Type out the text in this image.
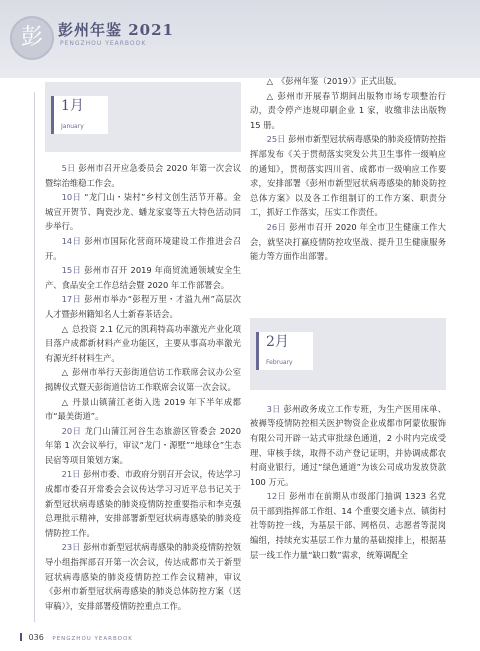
彭	彭州年鉴 2021
PENGZHOU YEARBOOK
1月
January

5日 彭州市召开应急委员会 2020 年第一次会议暨综治维稳工作会。

10日 “龙门山・柒村”乡村文创生活节开幕。金城宣开贺节、陶瓷沙龙、蟠龙家宴等五大特色活动同步举行。

14日 彭州市国际化营商环境建设工作推进会召开。

15日 彭州市召开 2019 年商贸流通领域安全生产、食品安全工作总结会暨 2020 年工作部署会。

17日 彭州市举办“彭程万里・才溢九州”高层次人才暨彭州籍知名人士新春茶话会。

△ 总投资 2.1 亿元的凯莉特高功率激光产业化项目落户成都新材料产业功能区，主要从事高功率激光有源光纤材料生产。

△ 彭州市举行天彭街道信访工作联席会议办公室揭牌仪式暨天彭街道信访工作联席会议第一次会议。

△ 丹景山镇蒲江老街入选 2019 年下半年成都市“最美街道”。

20日 龙门山蒲江河谷生态旅游区管委会 2020 年第 1 次会议举行，审议“龙门・源墅”“地球仓”生态民宿等项目策划方案。

21日 彭州市委、市政府分别召开会议，传达学习成都市委召开常委会会议传达学习习近平总书记关于新型冠状病毒感染的肺炎疫情防控重要指示和李克强总理批示精神，安排部署新型冠状病毒感染的肺炎疫情防控工作。

23日 彭州市新型冠状病毒感染的肺炎疫情防控领导小组指挥部召开第一次会议，传达成都市关于新型冠状病毒感染的肺炎疫情防控工作会议精神，审议《彭州市新型冠状病毒感染的肺炎总体防控方案（送审稿）》，安排部署疫情防控重点工作。

△ 《彭州年鉴（2019）》正式出版。

△ 彭州市开展春节期间出版物市场专项整治行动，责令停产违规印刷企业 1 家，收缴非法出版物 15 册。

25日 彭州市新型冠状病毒感染的肺炎疫情防控指挥部发布《关于贯彻落实突发公共卫生事件一级响应的通知》，贯彻落实四川省、成都市一级响应工作要求，安排部署《彭州市新型冠状病毒感染的肺炎防控总体方案》以及各工作组制订的工作方案、职责分工，抓好工作落实，压实工作责任。

26日 彭州市召开 2020 年全市卫生健康工作大会，就坚决打赢疫情防控攻坚战、提升卫生健康服务能力等方面作出部署。

2月
February

3日 彭州政务成立工作专班，为生产医用床单、被褥等疫情防控相关医护物资企业成都市阿蒙依服饰有限公司开辟一站式审批绿色通道，2 小时内完成受理、审核手续，取得不动产登记证明，并协调成都农村商业银行，通过“绿色通道”为该公司成功发放贷款 100 万元。

12日 彭州市在前期从市级部门抽调 1323 名党员干部到指挥部工作组、14 个重要交通卡点、镇街村社等防控一线，为基层干部、网格员、志愿者等混岗编组，持续充实基层工作力量的基础搅排上，根据基层一线工作力量“缺口数”需求，统筹调配全

036 PENGZHOU YEARBOOK
